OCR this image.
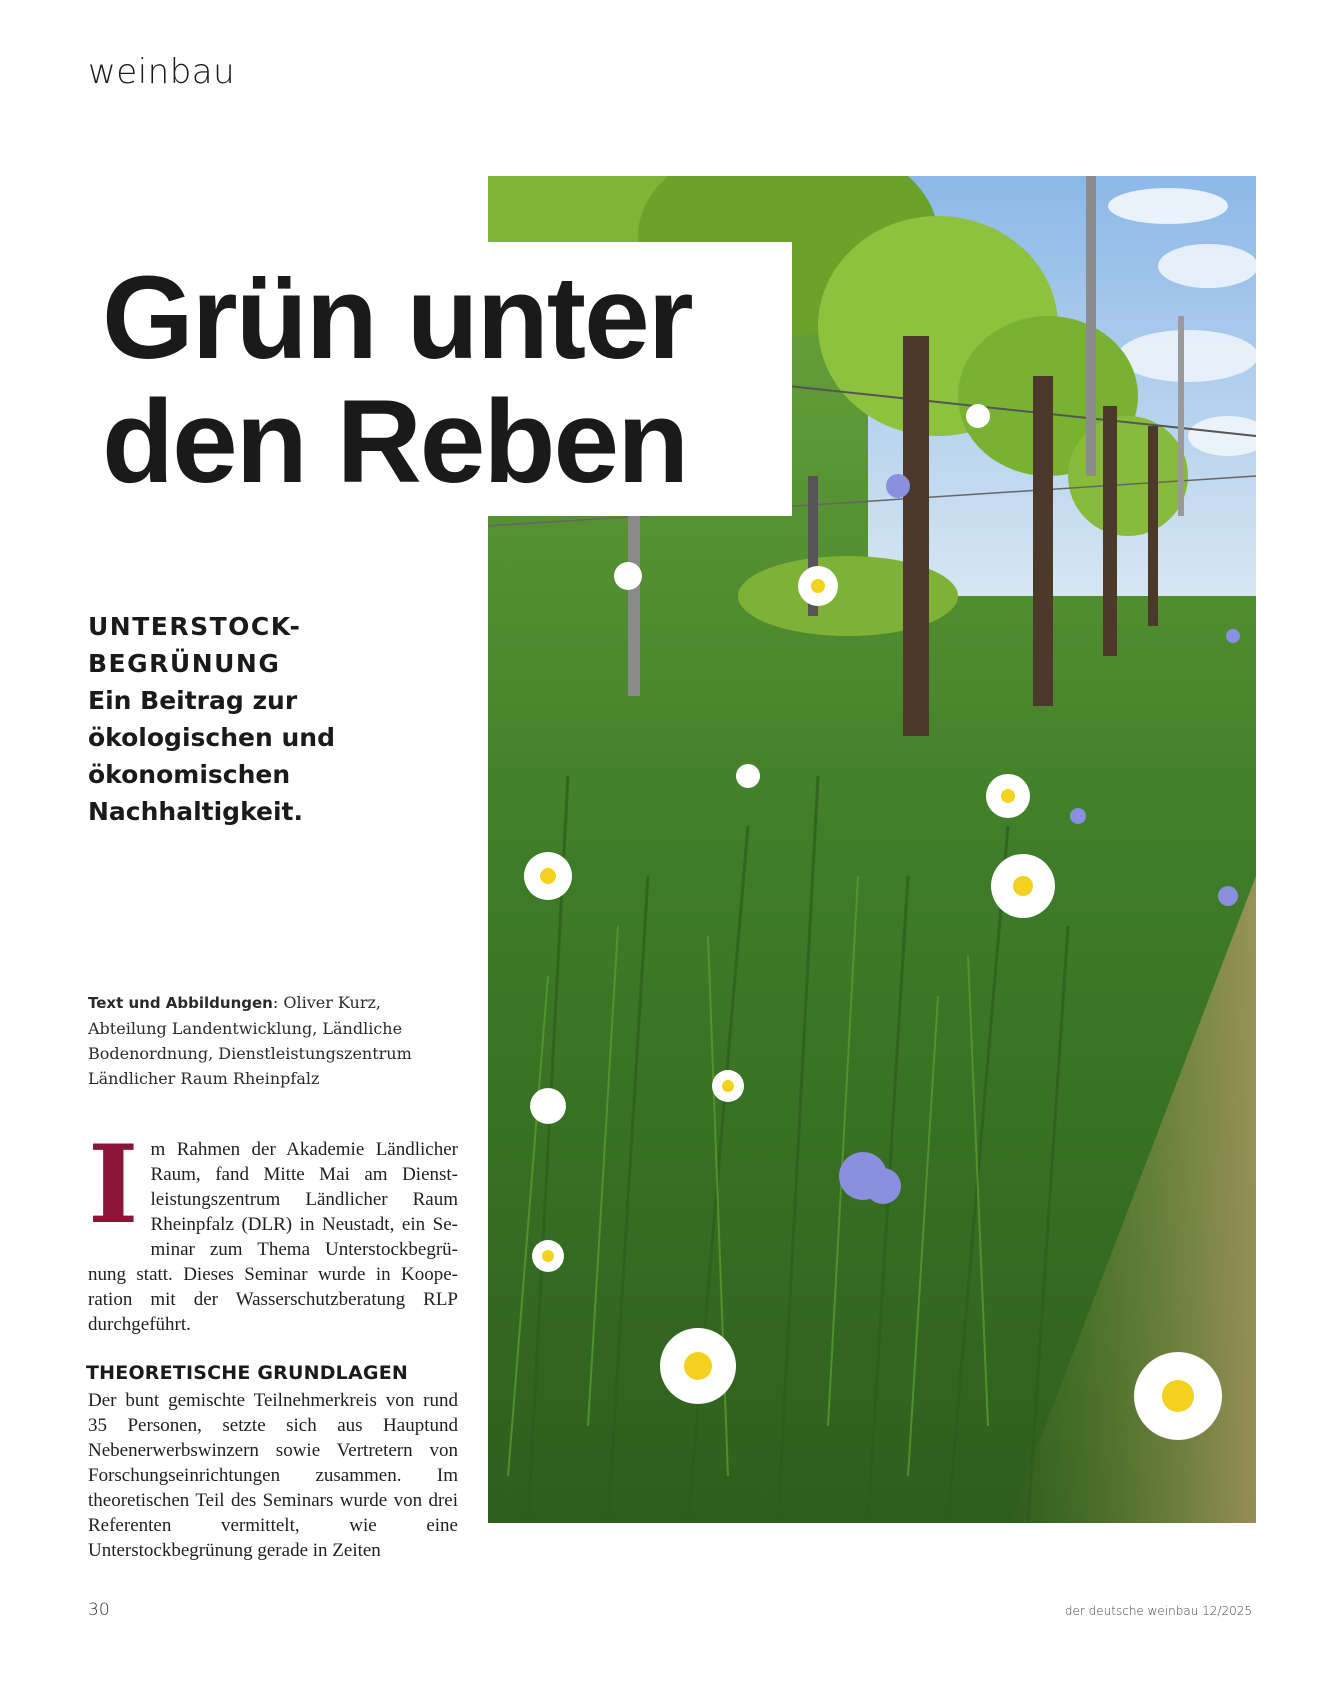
weinbau
Grün unter
den Reben
UNTERSTOCK-BEGRÜNUNG
Ein Beitrag zur ökologischen und ökonomischen Nachhaltigkeit.
Text und Abbildungen: Oliver Kurz, Abteilung Landentwicklung, Ländliche Bodenordnung, Dienstleistungszentrum Ländlicher Raum Rheinpfalz
Im Rahmen der Akademie Ländlicher Raum, fand Mitte Mai am Dienstleistungszentrum Ländlicher Raum Rheinpfalz (DLR) in Neustadt, ein Seminar zum Thema Unterstockbegrünung statt. Dieses Seminar wurde in Kooperation mit der Wasserschutzberatung RLP durchgeführt.
THEORETISCHE GRUNDLAGEN
Der bunt gemischte Teilnehmerkreis von rund 35 Personen, setzte sich aus Hauptund Nebenerwerbswinzern sowie Vertretern von Forschungseinrichtungen zusammen. Im theoretischen Teil des Seminars wurde von drei Referenten vermittelt, wie eine Unterstockbegrünung gerade in Zeiten
30	der deutsche weinbau 12/2025
